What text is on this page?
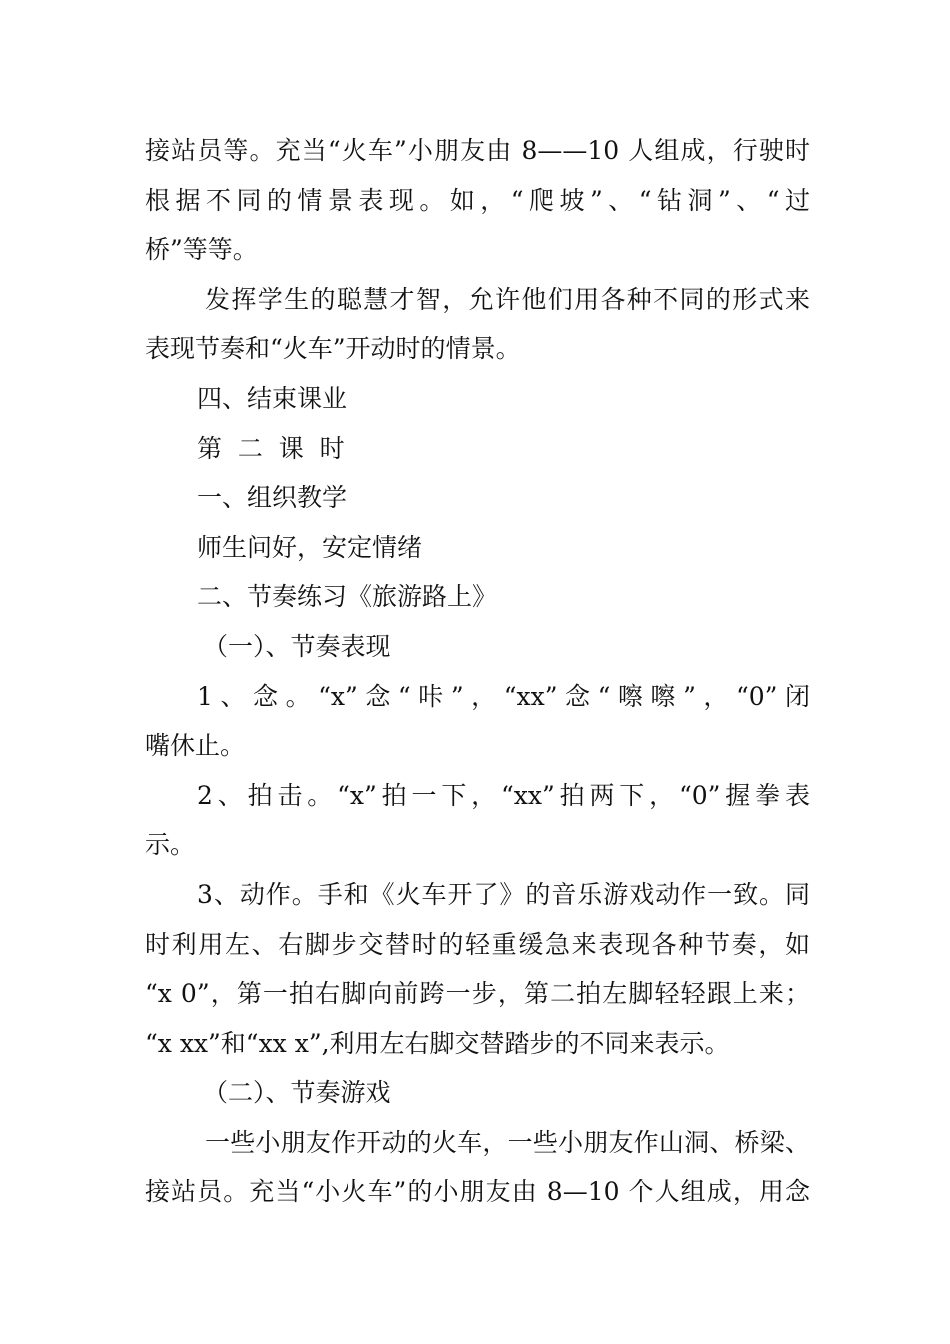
接站员等。充当“火车”小朋友由 8——10 人组成，行驶时
根据不同的情景表现。如，“爬坡”、“钻洞”、“过
桥”等等。
发挥学生的聪慧才智，允许他们用各种不同的形式来
表现节奏和“火车”开动时的情景。
四、结束课业
第  二  课  时
一、组织教学
师生问好，安定情绪
二、节奏练习《旅游路上》
（一）、节奏表现
1、念。“x”念“咔”，“xx”念“嚓嚓”，“0”闭
嘴休止。
2、拍击。“x”拍一下，“xx”拍两下，“0”握拳表
示。
3、动作。手和《火车开了》的音乐游戏动作一致。同
时利用左、右脚步交替时的轻重缓急来表现各种节奏，如
“x 0”，第一拍右脚向前跨一步，第二拍左脚轻轻跟上来；
“x xx”和“xx x”,利用左右脚交替踏步的不同来表示。
（二）、节奏游戏
一些小朋友作开动的火车，一些小朋友作山洞、桥梁、
接站员。充当“小火车”的小朋友由 8—10 个人组成，用念
